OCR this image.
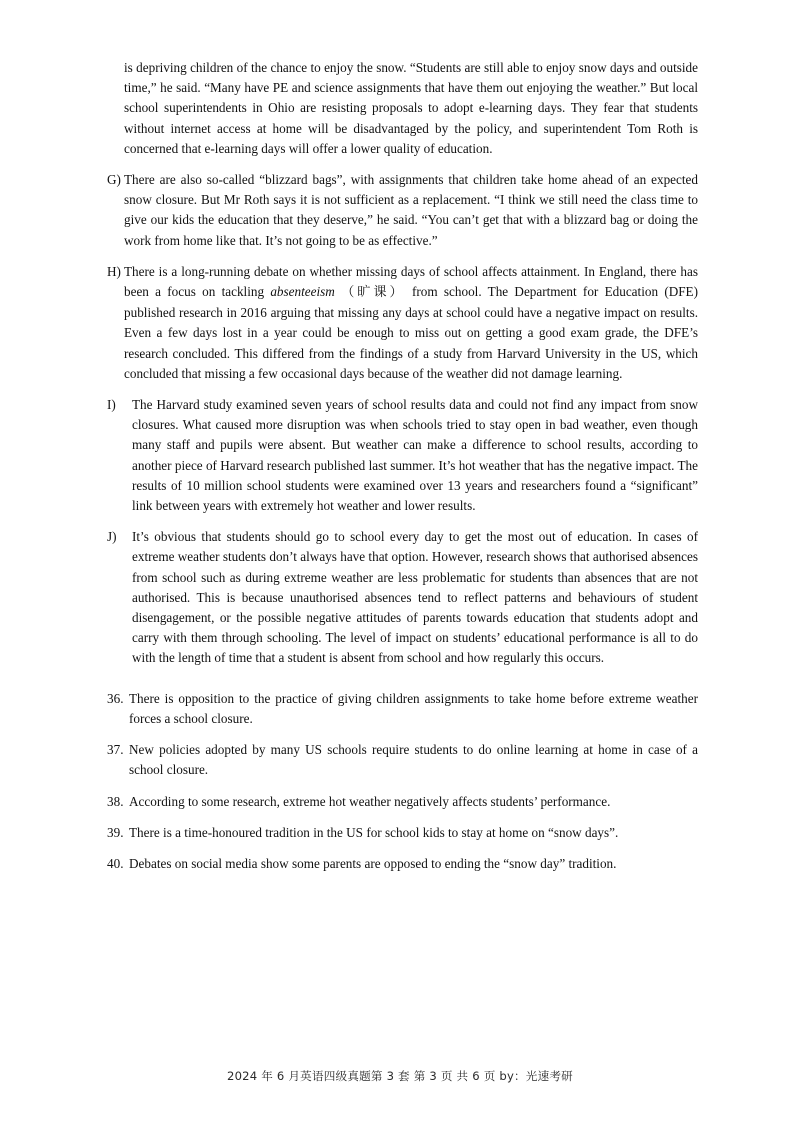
is depriving children of the chance to enjoy the snow. “Students are still able to enjoy snow days and outside time,” he said. “Many have PE and science assignments that have them out enjoying the weather.” But local school superintendents in Ohio are resisting proposals to adopt e-learning days. They fear that students without internet access at home will be disadvantaged by the policy, and superintendent Tom Roth is concerned that e-learning days will offer a lower quality of education.

G) There are also so-called “blizzard bags”, with assignments that children take home ahead of an expected snow closure. But Mr Roth says it is not sufficient as a replacement. “I think we still need the class time to give our kids the education that they deserve,” he said. “You can’t get that with a blizzard bag or doing the work from home like that. It’s not going to be as effective.”
H) There is a long-running debate on whether missing days of school affects attainment. In England, there has been a focus on tackling absenteeism （旷课） from school. The Department for Education (DFE) published research in 2016 arguing that missing any days at school could have a negative impact on results. Even a few days lost in a year could be enough to miss out on getting a good exam grade, the DFE’s research concluded. This differed from the findings of a study from Harvard University in the US, which concluded that missing a few occasional days because of the weather did not damage learning.
I)	The Harvard study examined seven years of school results data and could not find any impact from snow closures. What caused more disruption was when schools tried to stay open in bad weather, even though many staff and pupils were absent. But weather can make a difference to school results, according to another piece of Harvard research published last summer. It’s hot weather that has the negative impact. The results of 10 million school students were examined over 13 years and researchers found a “significant” link between years with extremely hot weather and lower results.
J)	It’s obvious that students should go to school every day to get the most out of education. In cases of extreme weather students don’t always have that option. However, research shows that authorised absences from school such as during extreme weather are less problematic for students than absences that are not authorised. This is because unauthorised absences tend to reflect patterns and behaviours of student disengagement, or the possible negative attitudes of parents towards education that students adopt and carry with them through schooling. The level of impact on students’ educational performance is all to do with the length of time that a student is absent from school and how regularly this occurs.
36. There is opposition to the practice of giving children assignments to take home before extreme weather forces a school closure.
37. New policies adopted by many US schools require students to do online learning at home in case of a school closure.
38. According to some research, extreme hot weather negatively affects students’ performance.
39. There is a time-honoured tradition in the US for school kids to stay at home on “snow days”.
40. Debates on social media show some parents are opposed to ending the “snow day” tradition.
2024 年 6 月英语四级真题第 3 套 第 3 页 共 6 页 by：光速考研
